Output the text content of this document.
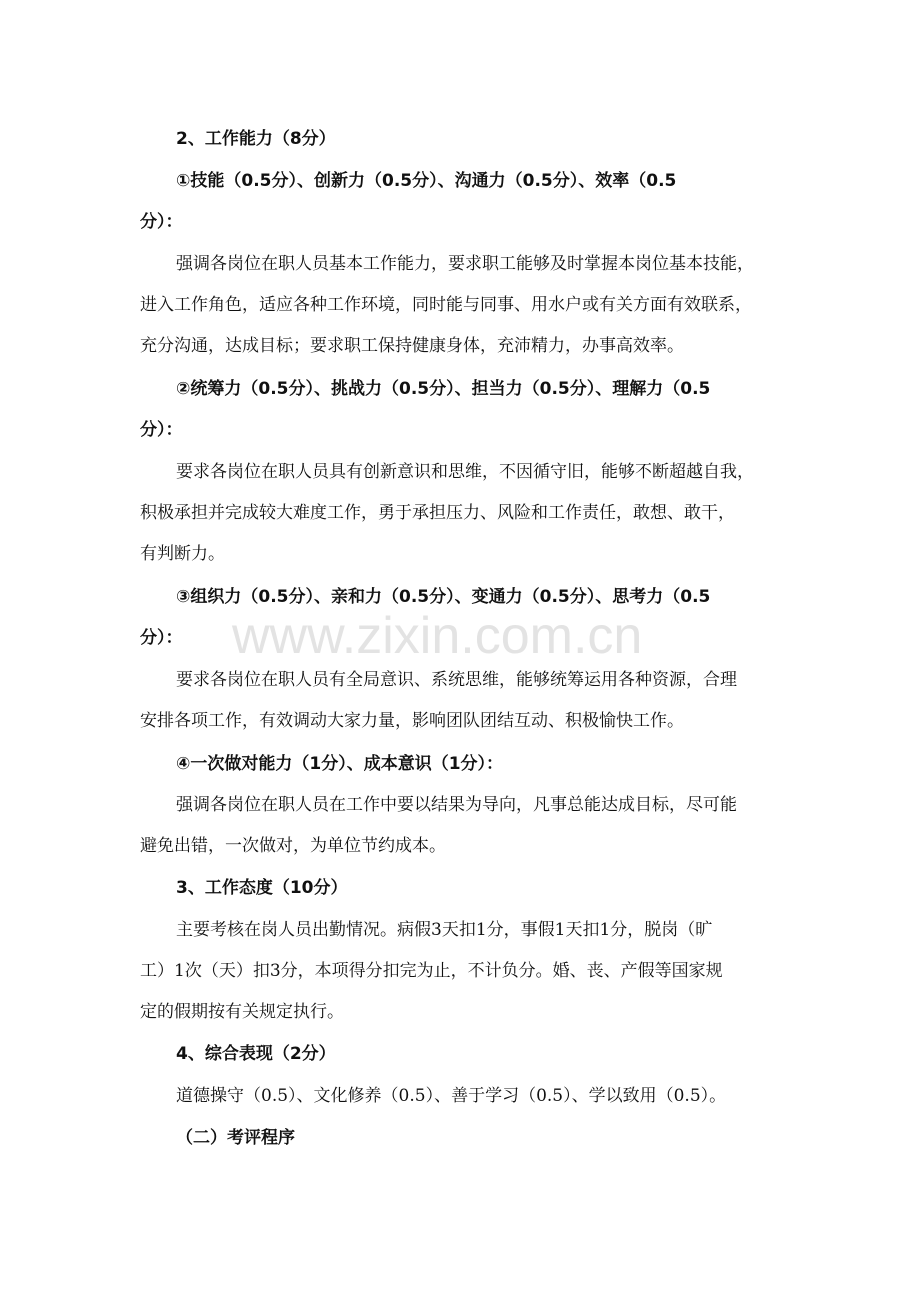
www.zixin.com.cn
2、工作能力（8分）
①技能（0.5分）、创新力（0.5分）、沟通力（0.5分）、效率（0.5
分）：
强调各岗位在职人员基本工作能力，要求职工能够及时掌握本岗位基本技能，
进入工作角色，适应各种工作环境，同时能与同事、用水户或有关方面有效联系，
充分沟通，达成目标；要求职工保持健康身体，充沛精力，办事高效率。
②统筹力（0.5分）、挑战力（0.5分）、担当力（0.5分）、理解力（0.5
分）：
要求各岗位在职人员具有创新意识和思维，不因循守旧，能够不断超越自我，
积极承担并完成较大难度工作，勇于承担压力、风险和工作责任，敢想、敢干，
有判断力。
③组织力（0.5分）、亲和力（0.5分）、变通力（0.5分）、思考力（0.5
分）：
要求各岗位在职人员有全局意识、系统思维，能够统筹运用各种资源，合理
安排各项工作，有效调动大家力量，影响团队团结互动、积极愉快工作。
④一次做对能力（1分）、成本意识（1分）：
强调各岗位在职人员在工作中要以结果为导向，凡事总能达成目标，尽可能
避免出错，一次做对，为单位节约成本。
3、工作态度（10分）
主要考核在岗人员出勤情况。病假3天扣1分，事假1天扣1分，脱岗（旷
工）1次（天）扣3分，本项得分扣完为止，不计负分。婚、丧、产假等国家规
定的假期按有关规定执行。
4、综合表现（2分）
道德操守（0.5）、文化修养（0.5）、善于学习（0.5）、学以致用（0.5）。
（二）考评程序
